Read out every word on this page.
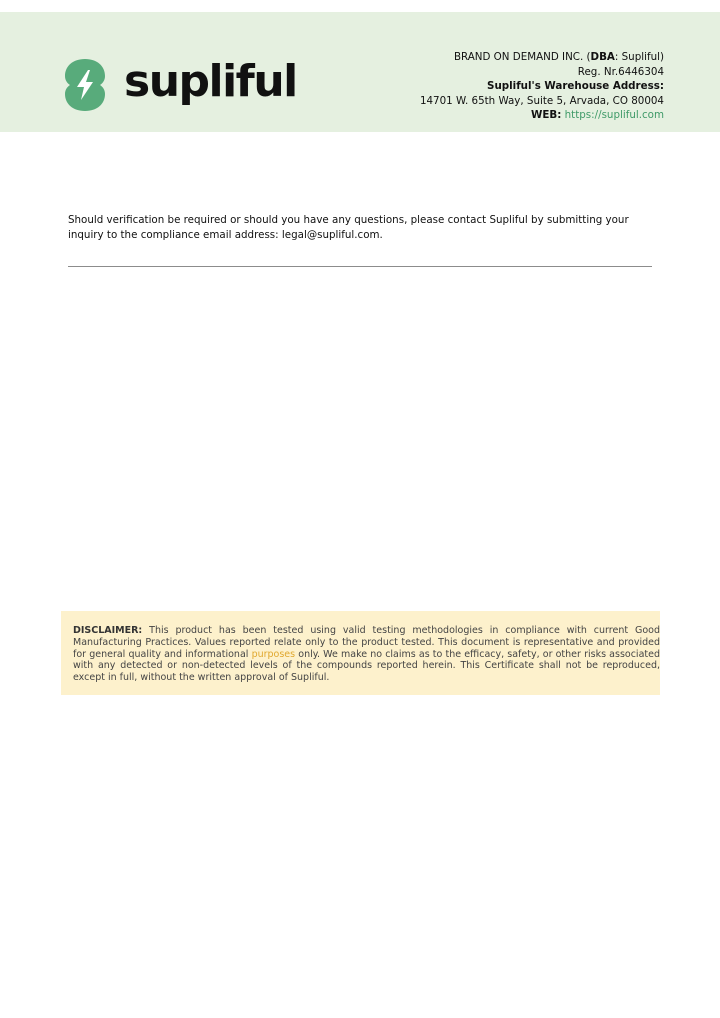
supliful	BRAND ON DEMAND INC. (DBA: Supliful)
Reg. Nr.6446304
Supliful's Warehouse Address:
14701 W. 65th Way, Suite 5, Arvada, CO 80004
WEB: https://supliful.com
Should verification be required or should you have any questions, please contact Supliful by submitting your inquiry to the compliance email address: legal@supliful.com.

DISCLAIMER: This product has been tested using valid testing methodologies in compliance with current Good Manufacturing Practices. Values reported relate only to the product tested. This document is representative and provided for general quality and informational purposes only. We make no claims as to the efficacy, safety, or other risks associated with any detected or non-detected levels of the compounds reported herein. This Certificate shall not be reproduced, except in full, without the written approval of Supliful.
